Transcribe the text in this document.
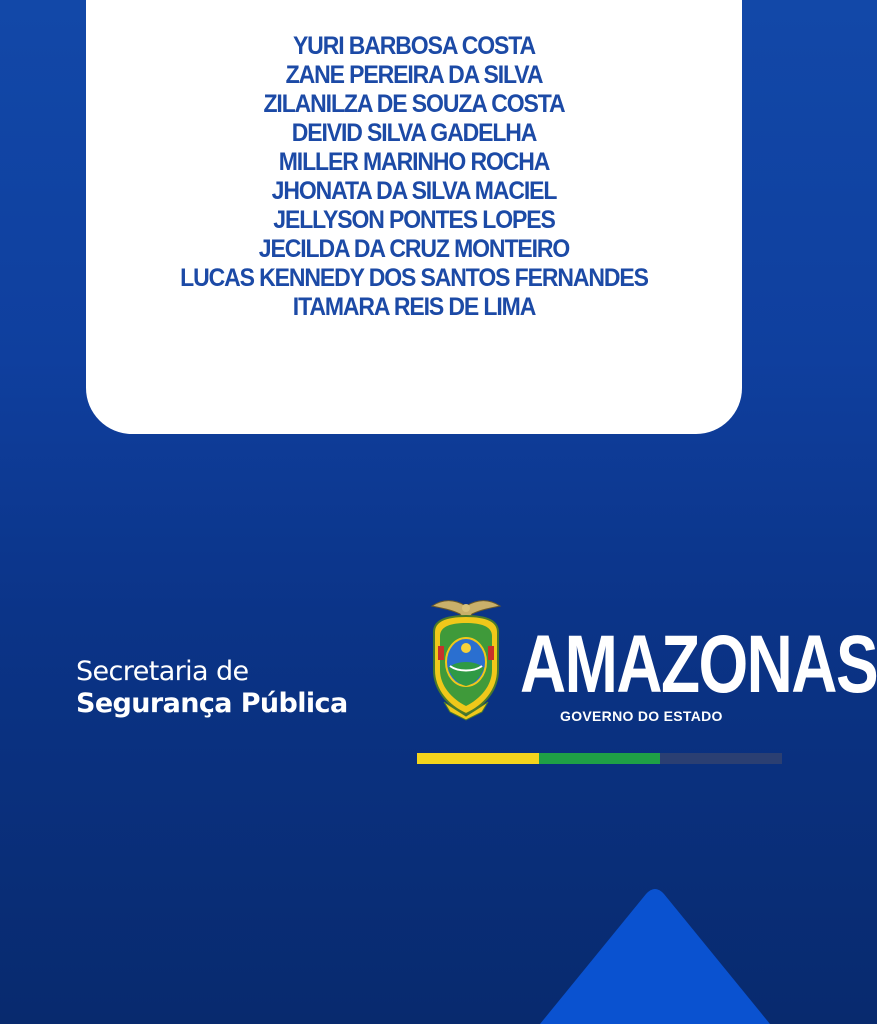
YURI BARBOSA COSTA
ZANE PEREIRA DA SILVA
ZILANILZA DE SOUZA COSTA
DEIVID SILVA GADELHA
MILLER MARINHO ROCHA
JHONATA DA SILVA MACIEL
JELLYSON PONTES LOPES
JECILDA DA CRUZ MONTEIRO
LUCAS KENNEDY DOS SANTOS FERNANDES
ITAMARA REIS DE LIMA
Secretaria de
Segurança Pública AMAZONAS
GOVERNO DO ESTADO
